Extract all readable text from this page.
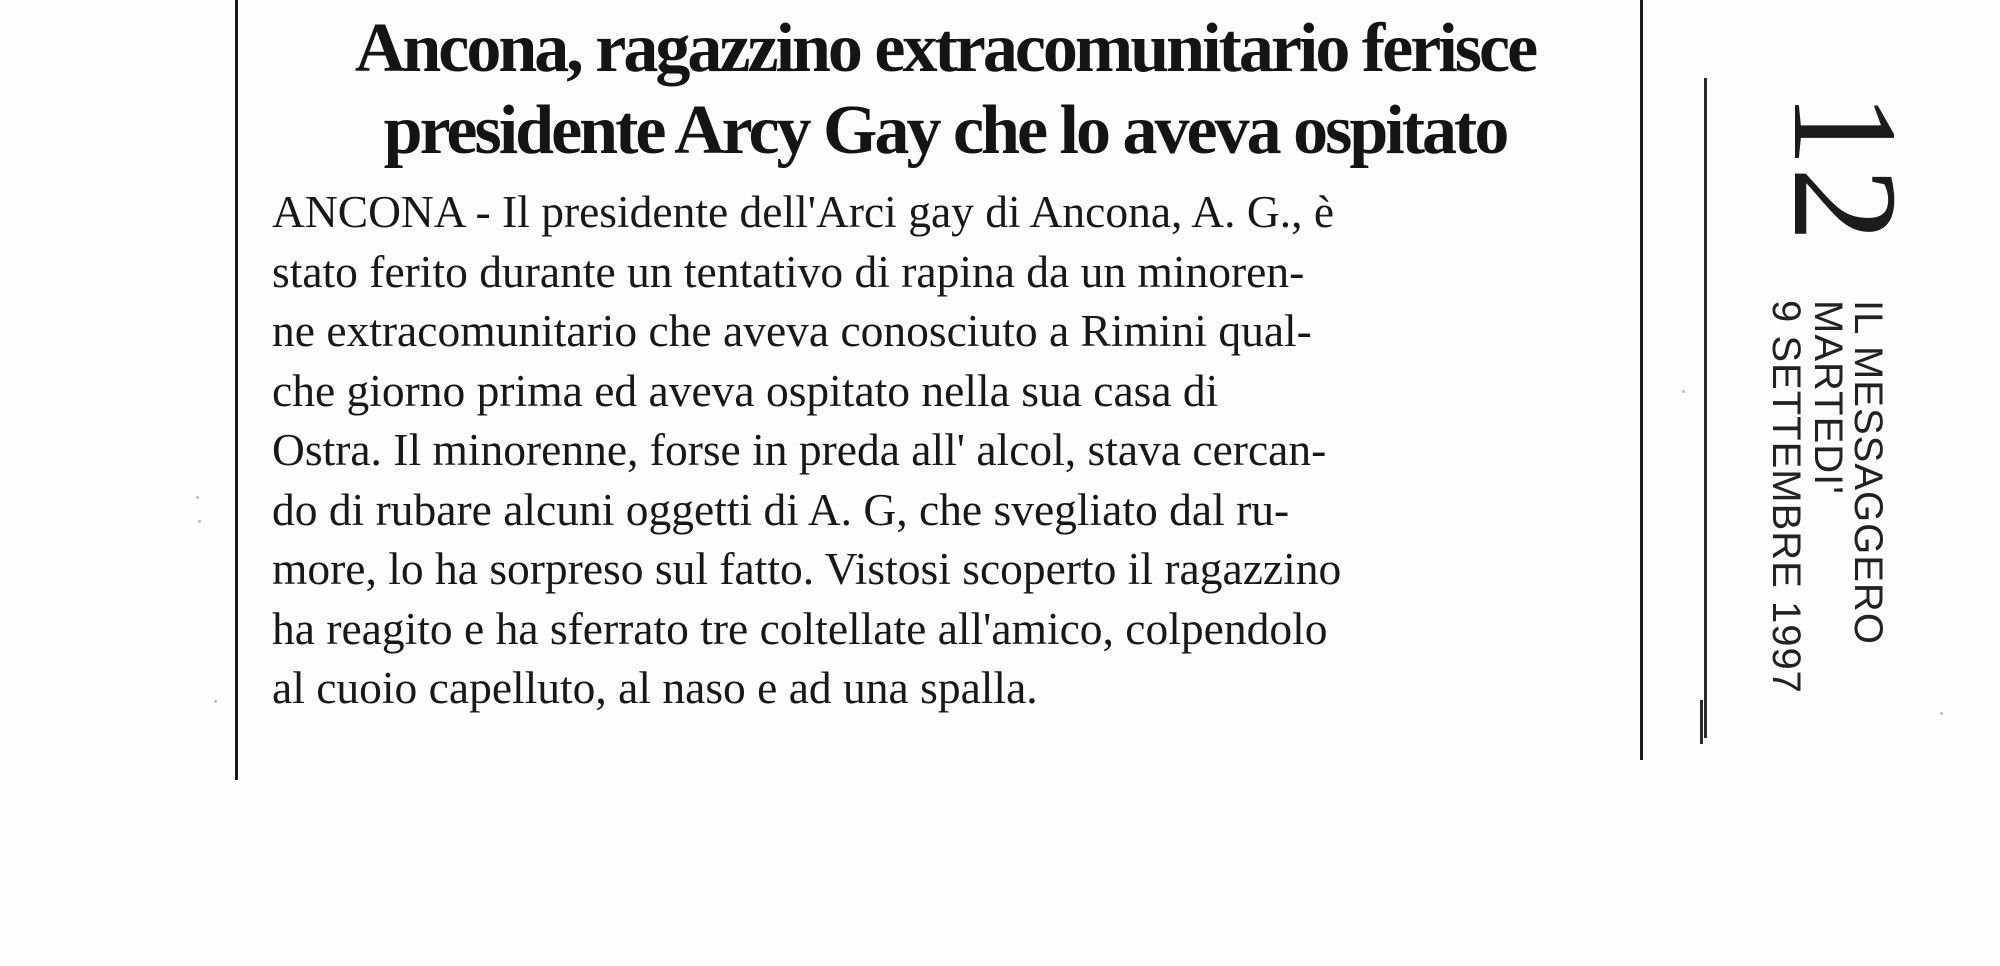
Ancona, ragazzino extracomunitario ferisce
presidente Arcy Gay che lo aveva ospitato

ANCONA - Il presidente dell'Arci gay di Ancona, A. G., è
stato ferito durante un tentativo di rapina da un minoren-
ne extracomunitario che aveva conosciuto a Rimini qual-
che giorno prima ed aveva ospitato nella sua casa di
Ostra. Il minorenne, forse in preda all' alcol, stava cercan-
do di rubare alcuni oggetti di A. G, che svegliato dal ru-
more, lo ha sorpreso sul fatto. Vistosi scoperto il ragazzino
ha reagito e ha sferrato tre coltellate all'amico, colpendolo
al cuoio capelluto, al naso e ad una spalla.

12
IL MESSAGGERO
MARTEDI'
9 SETTEMBRE 1997
